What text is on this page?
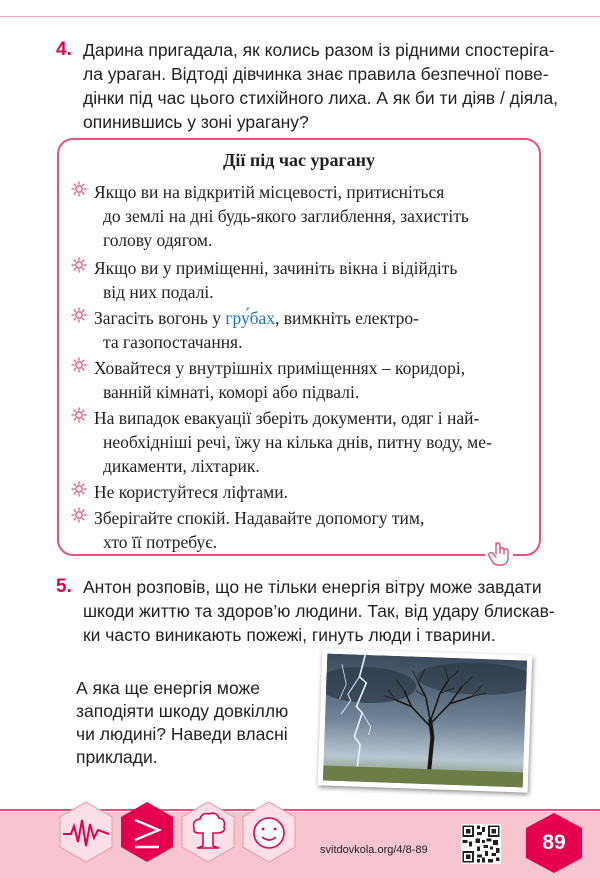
4. Дарина пригадала, як колись разом із рідними спостеріга-
ла ураган. Відтоді дівчинка знає правила безпечної пове-
дінки під час цього стихійного лиха. А як би ти діяв / діяла,
опинившись у зоні урагану?
Дії під час урагану
Якщо ви на відкритій місцевості, притисніться
до землі на дні будь-якого заглиблення, захистіть
голову одягом.
Якщо ви у приміщенні, зачиніть вікна і відійдіть
від них подалі.
Загасіть вогонь у гру́бах, вимкніть електро-
та газопостачання.
Ховайтеся у внутрішніх приміщеннях – коридорі,
ванній кімнаті, коморі або підвалі.
На випадок евакуації зберіть документи, одяг і най-
необхідніші речі, їжу на кілька днів, питну воду, ме-
дикаменти, ліхтарик.
Не користуйтеся ліфтами.
Зберігайте спокій. Надавайте допомогу тим,
хто її потребує.
5. Антон розповів, що не тільки енергія вітру може завдати
шкоди життю та здоров’ю людини. Так, від удару блискав-
ки часто виникають пожежі, гинуть люди і тварини.
А яка ще енергія може
заподіяти шкоду довкіллю
чи людині? Наведи власні
приклади.
svitdovkola.org/4/8-89	89
